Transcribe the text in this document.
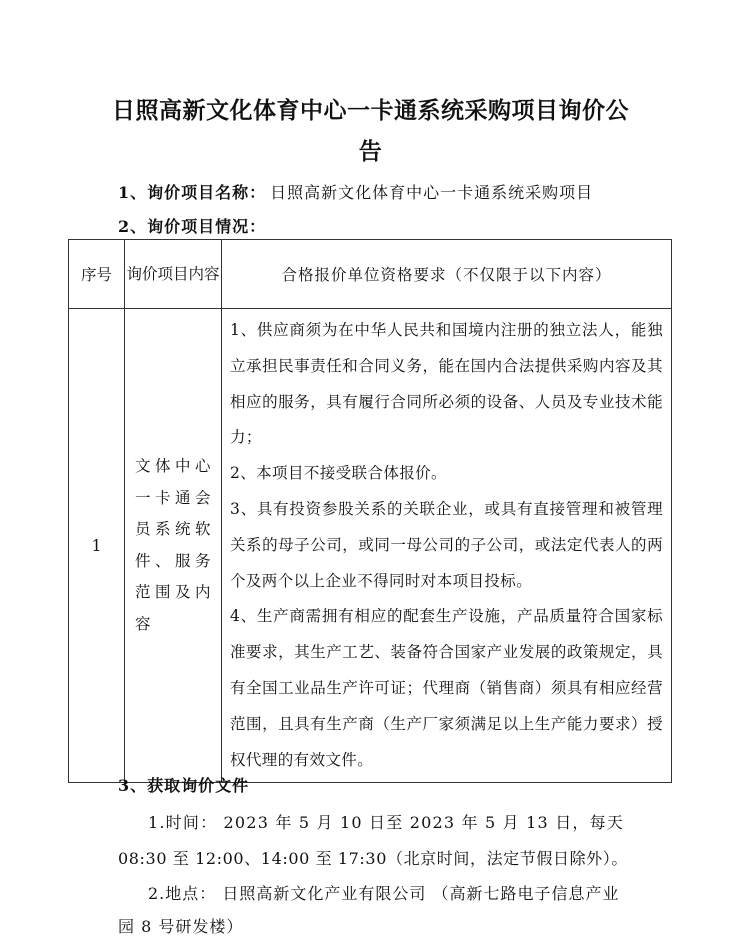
日照高新文化体育中心一卡通系统采购项目询价公
告
1、询价项目名称： 日照高新文化体育中心一卡通系统采购项目
2、询价项目情况：
序号	询价项目内容	合格报价单位资格要求（不仅限于以下内容）
1	文体中心一卡通会员系统软件、服务范围及内容	1、供应商须为在中华人民共和国境内注册的独立法人，能独立承担民事责任和合同义务，能在国内合法提供采购内容及其相应的服务，具有履行合同所必须的设备、人员及专业技术能力；
2、本项目不接受联合体报价。
3、具有投资参股关系的关联企业，或具有直接管理和被管理关系的母子公司，或同一母公司的子公司，或法定代表人的两个及两个以上企业不得同时对本项目投标。
4、生产商需拥有相应的配套生产设施，产品质量符合国家标准要求，其生产工艺、装备符合国家产业发展的政策规定，具有全国工业品生产许可证；代理商（销售商）须具有相应经营范围，且具有生产商（生产厂家须满足以上生产能力要求）授权代理的有效文件。
3、获取询价文件
1.时间： 2023 年 5 月 10 日至 2023 年 5 月 13 日，每天
08:30 至 12:00、14:00 至 17:30（北京时间，法定节假日除外）。
2.地点： 日照高新文化产业有限公司 （高新七路电子信息产业
园 8 号研发楼）
